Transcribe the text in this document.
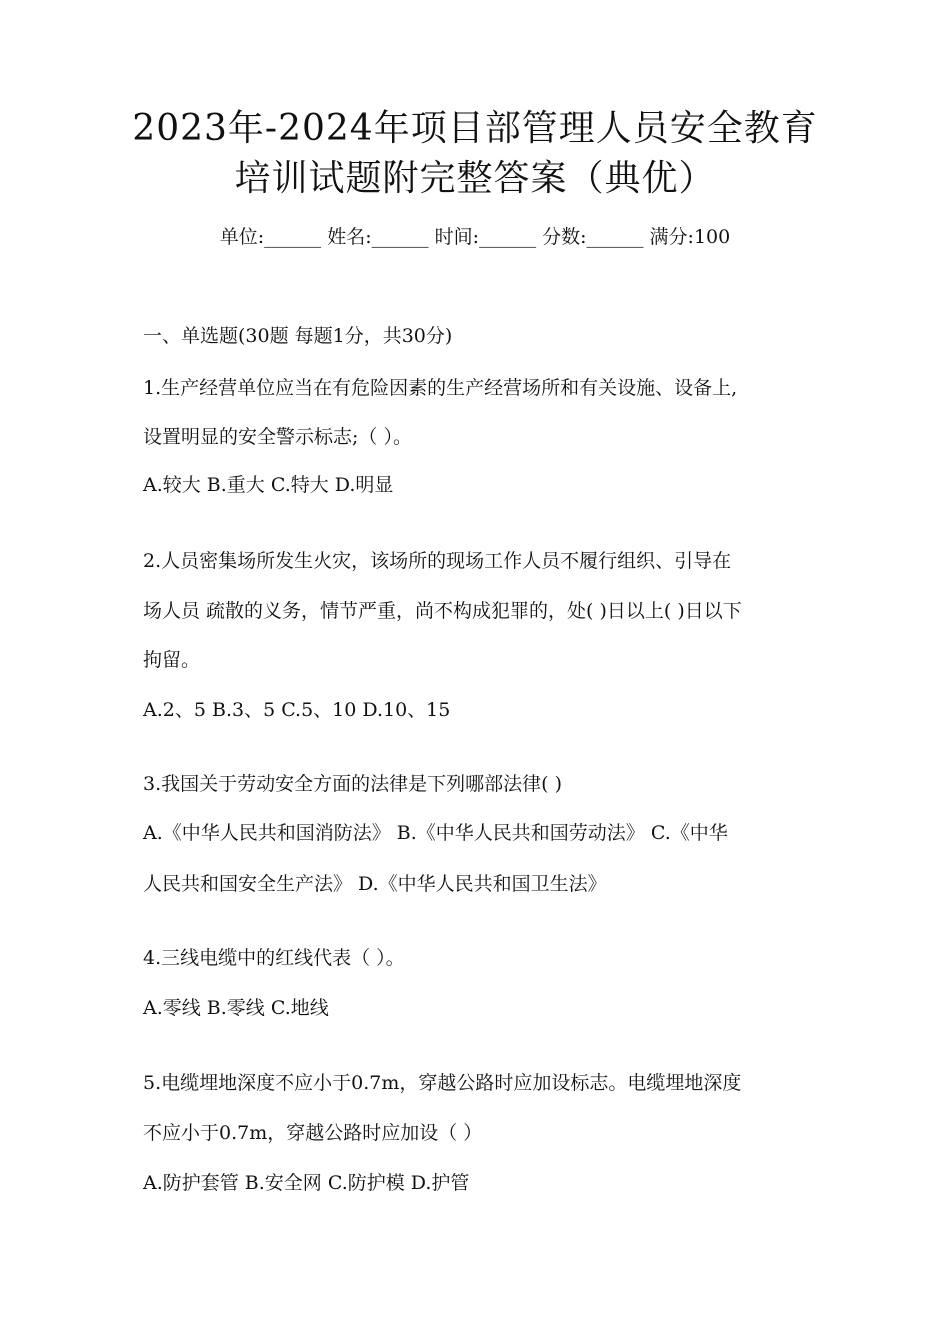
2023年-2024年项目部管理人员安全教育
培训试题附完整答案（典优）
单位:______ 姓名:______ 时间:______ 分数:______ 满分:100
一、单选题(30题 每题1分，共30分)
1.生产经营单位应当在有危险因素的生产经营场所和有关设施、设备上,
设置明显的安全警示标志;（ ）。
A.较大 B.重大 C.特大 D.明显
2.人员密集场所发生火灾，该场所的现场工作人员不履行组织、引导在
场人员 疏散的义务，情节严重，尚不构成犯罪的，处( )日以上( )日以下
拘留。
A.2、5 B.3、5 C.5、10 D.10、15
3.我国关于劳动安全方面的法律是下列哪部法律( )
A.《中华人民共和国消防法》 B.《中华人民共和国劳动法》 C.《中华
人民共和国安全生产法》 D.《中华人民共和国卫生法》
4.三线电缆中的红线代表（ ）。
A.零线 B.零线 C.地线
5.电缆埋地深度不应小于0.7m，穿越公路时应加设标志。电缆埋地深度
不应小于0.7m，穿越公路时应加设（ ）
A.防护套管 B.安全网 C.防护模 D.护管
